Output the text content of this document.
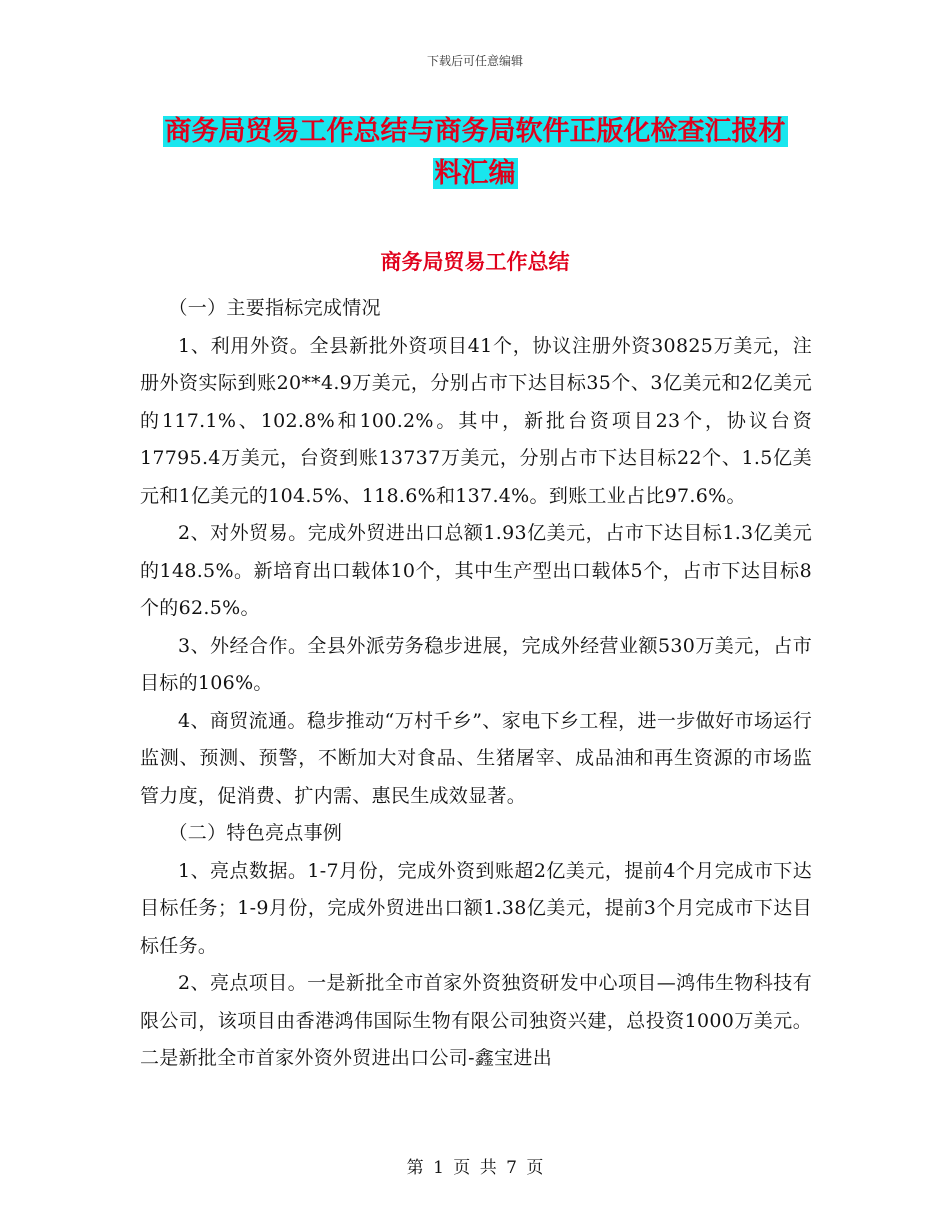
下载后可任意编辑
商务局贸易工作总结与商务局软件正版化检查汇报材
料汇编
商务局贸易工作总结

（一）主要指标完成情况

1、利用外资。全县新批外资项目41个，协议注册外资30825万美元，注册外资实际到账20**4.9万美元，分别占市下达目标35个、3亿美元和2亿美元的117.1%、102.8%和100.2%。其中，新批台资项目23个，协议台资17795.4万美元，台资到账13737万美元，分别占市下达目标22个、1.5亿美元和1亿美元的104.5%、118.6%和137.4%。到账工业占比97.6%。

2、对外贸易。完成外贸进出口总额1.93亿美元，占市下达目标1.3亿美元的148.5%。新培育出口载体10个，其中生产型出口载体5个，占市下达目标8个的62.5%。

3、外经合作。全县外派劳务稳步进展，完成外经营业额530万美元，占市目标的106%。

4、商贸流通。稳步推动“万村千乡”、家电下乡工程，进一步做好市场运行监测、预测、预警，不断加大对食品、生猪屠宰、成品油和再生资源的市场监管力度，促消费、扩内需、惠民生成效显著。

（二）特色亮点事例

1、亮点数据。1-7月份，完成外资到账超2亿美元，提前4个月完成市下达目标任务；1-9月份，完成外贸进出口额1.38亿美元，提前3个月完成市下达目标任务。

2、亮点项目。一是新批全市首家外资独资研发中心项目—鸿伟生物科技有限公司，该项目由香港鸿伟国际生物有限公司独资兴建，总投资1000万美元。二是新批全市首家外资外贸进出口公司-鑫宝进出

第 1 页 共 7 页
